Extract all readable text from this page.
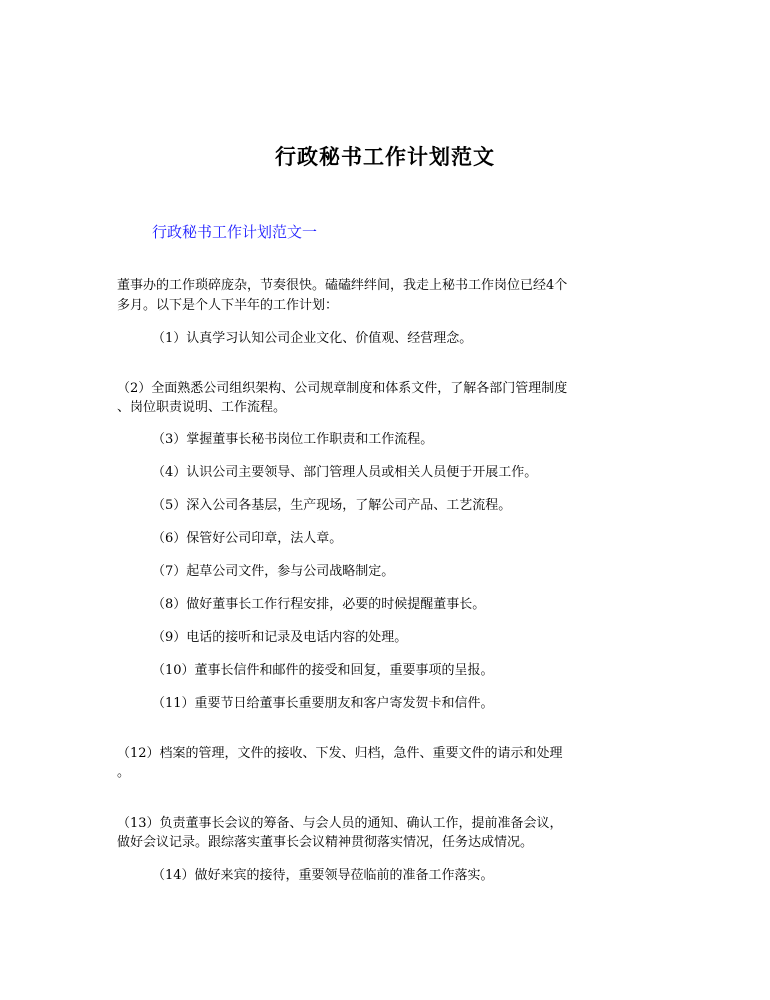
行政秘书工作计划范文
行政秘书工作计划范文一
董事办的工作琐碎庞杂，节奏很快。磕磕绊绊间，我走上秘书工作岗位已经4个
多月。以下是个人下半年的工作计划：
（1）认真学习认知公司企业文化、价值观、经营理念。
（2）全面熟悉公司组织架构、公司规章制度和体系文件，了解各部门管理制度
、岗位职责说明、工作流程。
（3）掌握董事长秘书岗位工作职责和工作流程。
（4）认识公司主要领导、部门管理人员或相关人员便于开展工作。
（5）深入公司各基层，生产现场，了解公司产品、工艺流程。
（6）保管好公司印章，法人章。
（7）起草公司文件，参与公司战略制定。
（8）做好董事长工作行程安排，必要的时候提醒董事长。
（9）电话的接听和记录及电话内容的处理。
（10）董事长信件和邮件的接受和回复，重要事项的呈报。
（11）重要节日给董事长重要朋友和客户寄发贺卡和信件。
（12）档案的管理，文件的接收、下发、归档，急件、重要文件的请示和处理
。
（13）负责董事长会议的筹备、与会人员的通知、确认工作，提前准备会议，
做好会议记录。跟综落实董事长会议精神贯彻落实情况，任务达成情况。
（14）做好来宾的接待，重要领导莅临前的准备工作落实。
